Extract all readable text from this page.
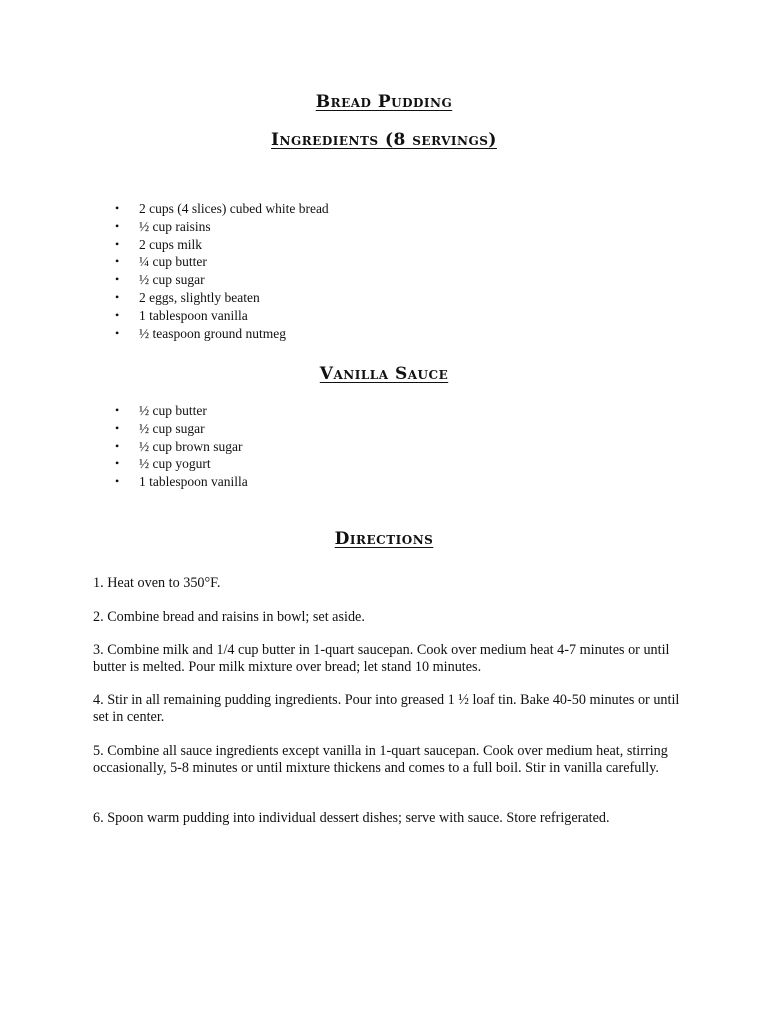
Bread Pudding
Ingredients (8 servings)
• 2 cups (4 slices) cubed white bread
• ½ cup raisins
• 2 cups milk
• ¼ cup butter
• ½ cup sugar
• 2 eggs, slightly beaten
• 1 tablespoon vanilla
• ½ teaspoon ground nutmeg
Vanilla Sauce
• ½ cup butter
• ½ cup sugar
• ½ cup brown sugar
• ½ cup yogurt
• 1 tablespoon vanilla
Directions

1. Heat oven to 350°F.

2. Combine bread and raisins in bowl; set aside.

3. Combine milk and 1/4 cup butter in 1-quart saucepan. Cook over medium heat 4-7 minutes or until butter is melted. Pour milk mixture over bread; let stand 10 minutes.

4. Stir in all remaining pudding ingredients. Pour into greased 1 ½ loaf tin. Bake 40-50 minutes or until set in center.

5. Combine all sauce ingredients except vanilla in 1-quart saucepan. Cook over medium heat, stirring occasionally, 5-8 minutes or until mixture thickens and comes to a full boil. Stir in vanilla carefully.

6. Spoon warm pudding into individual dessert dishes; serve with sauce. Store refrigerated.
